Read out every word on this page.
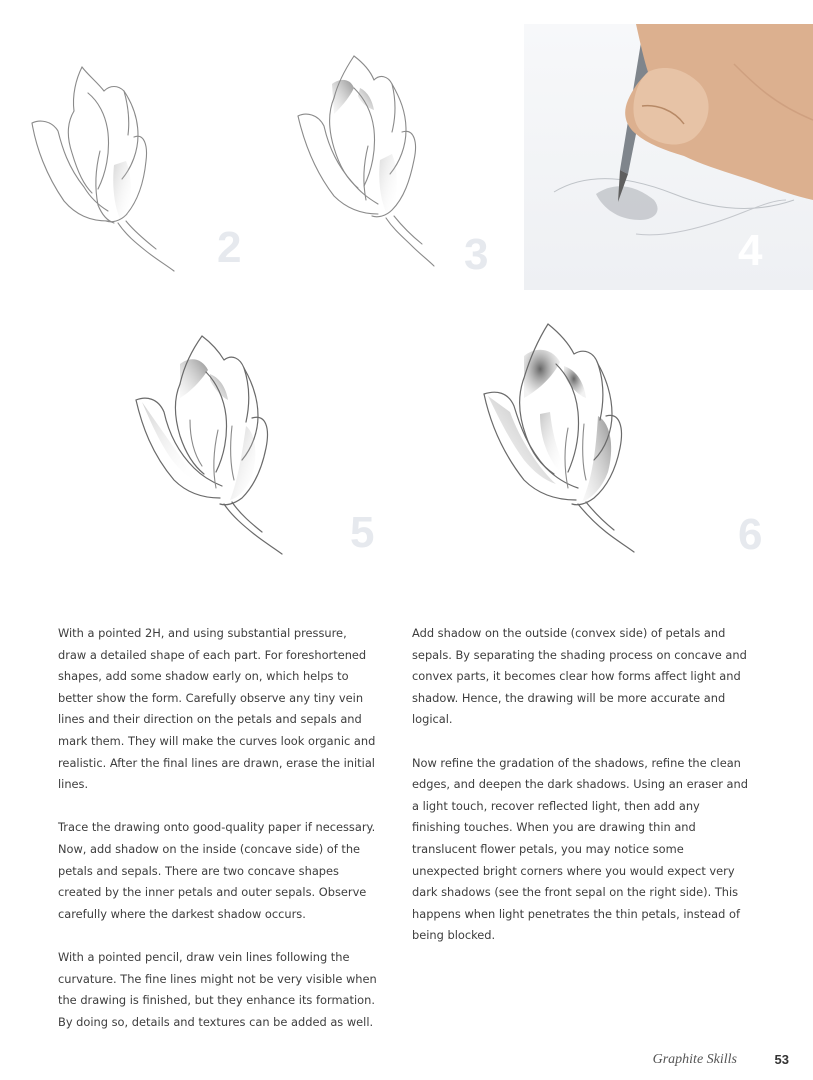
2	3	4
5	6

With a pointed 2H, and using substantial pressure, draw a detailed shape of each part. For foreshortened shapes, add some shadow early on, which helps to better show the form. Carefully observe any tiny vein lines and their direction on the petals and sepals and mark them. They will make the curves look organic and realistic. After the final lines are drawn, erase the initial lines.

Trace the drawing onto good-quality paper if necessary. Now, add shadow on the inside (concave side) of the petals and sepals. There are two concave shapes created by the inner petals and outer sepals. Observe carefully where the darkest shadow occurs.

With a pointed pencil, draw vein lines following the curvature. The fine lines might not be very visible when the drawing is finished, but they enhance its formation. By doing so, details and textures can be added as well.

Add shadow on the outside (convex side) of petals and sepals. By separating the shading process on concave and convex parts, it becomes clear how forms affect light and shadow. Hence, the drawing will be more accurate and logical.

Now refine the gradation of the shadows, refine the clean edges, and deepen the dark shadows. Using an eraser and a light touch, recover reflected light, then add any finishing touches. When you are drawing thin and translucent flower petals, you may notice some unexpected bright corners where you would expect very dark shadows (see the front sepal on the right side). This happens when light penetrates the thin petals, instead of being blocked.

Graphite Skills	53
